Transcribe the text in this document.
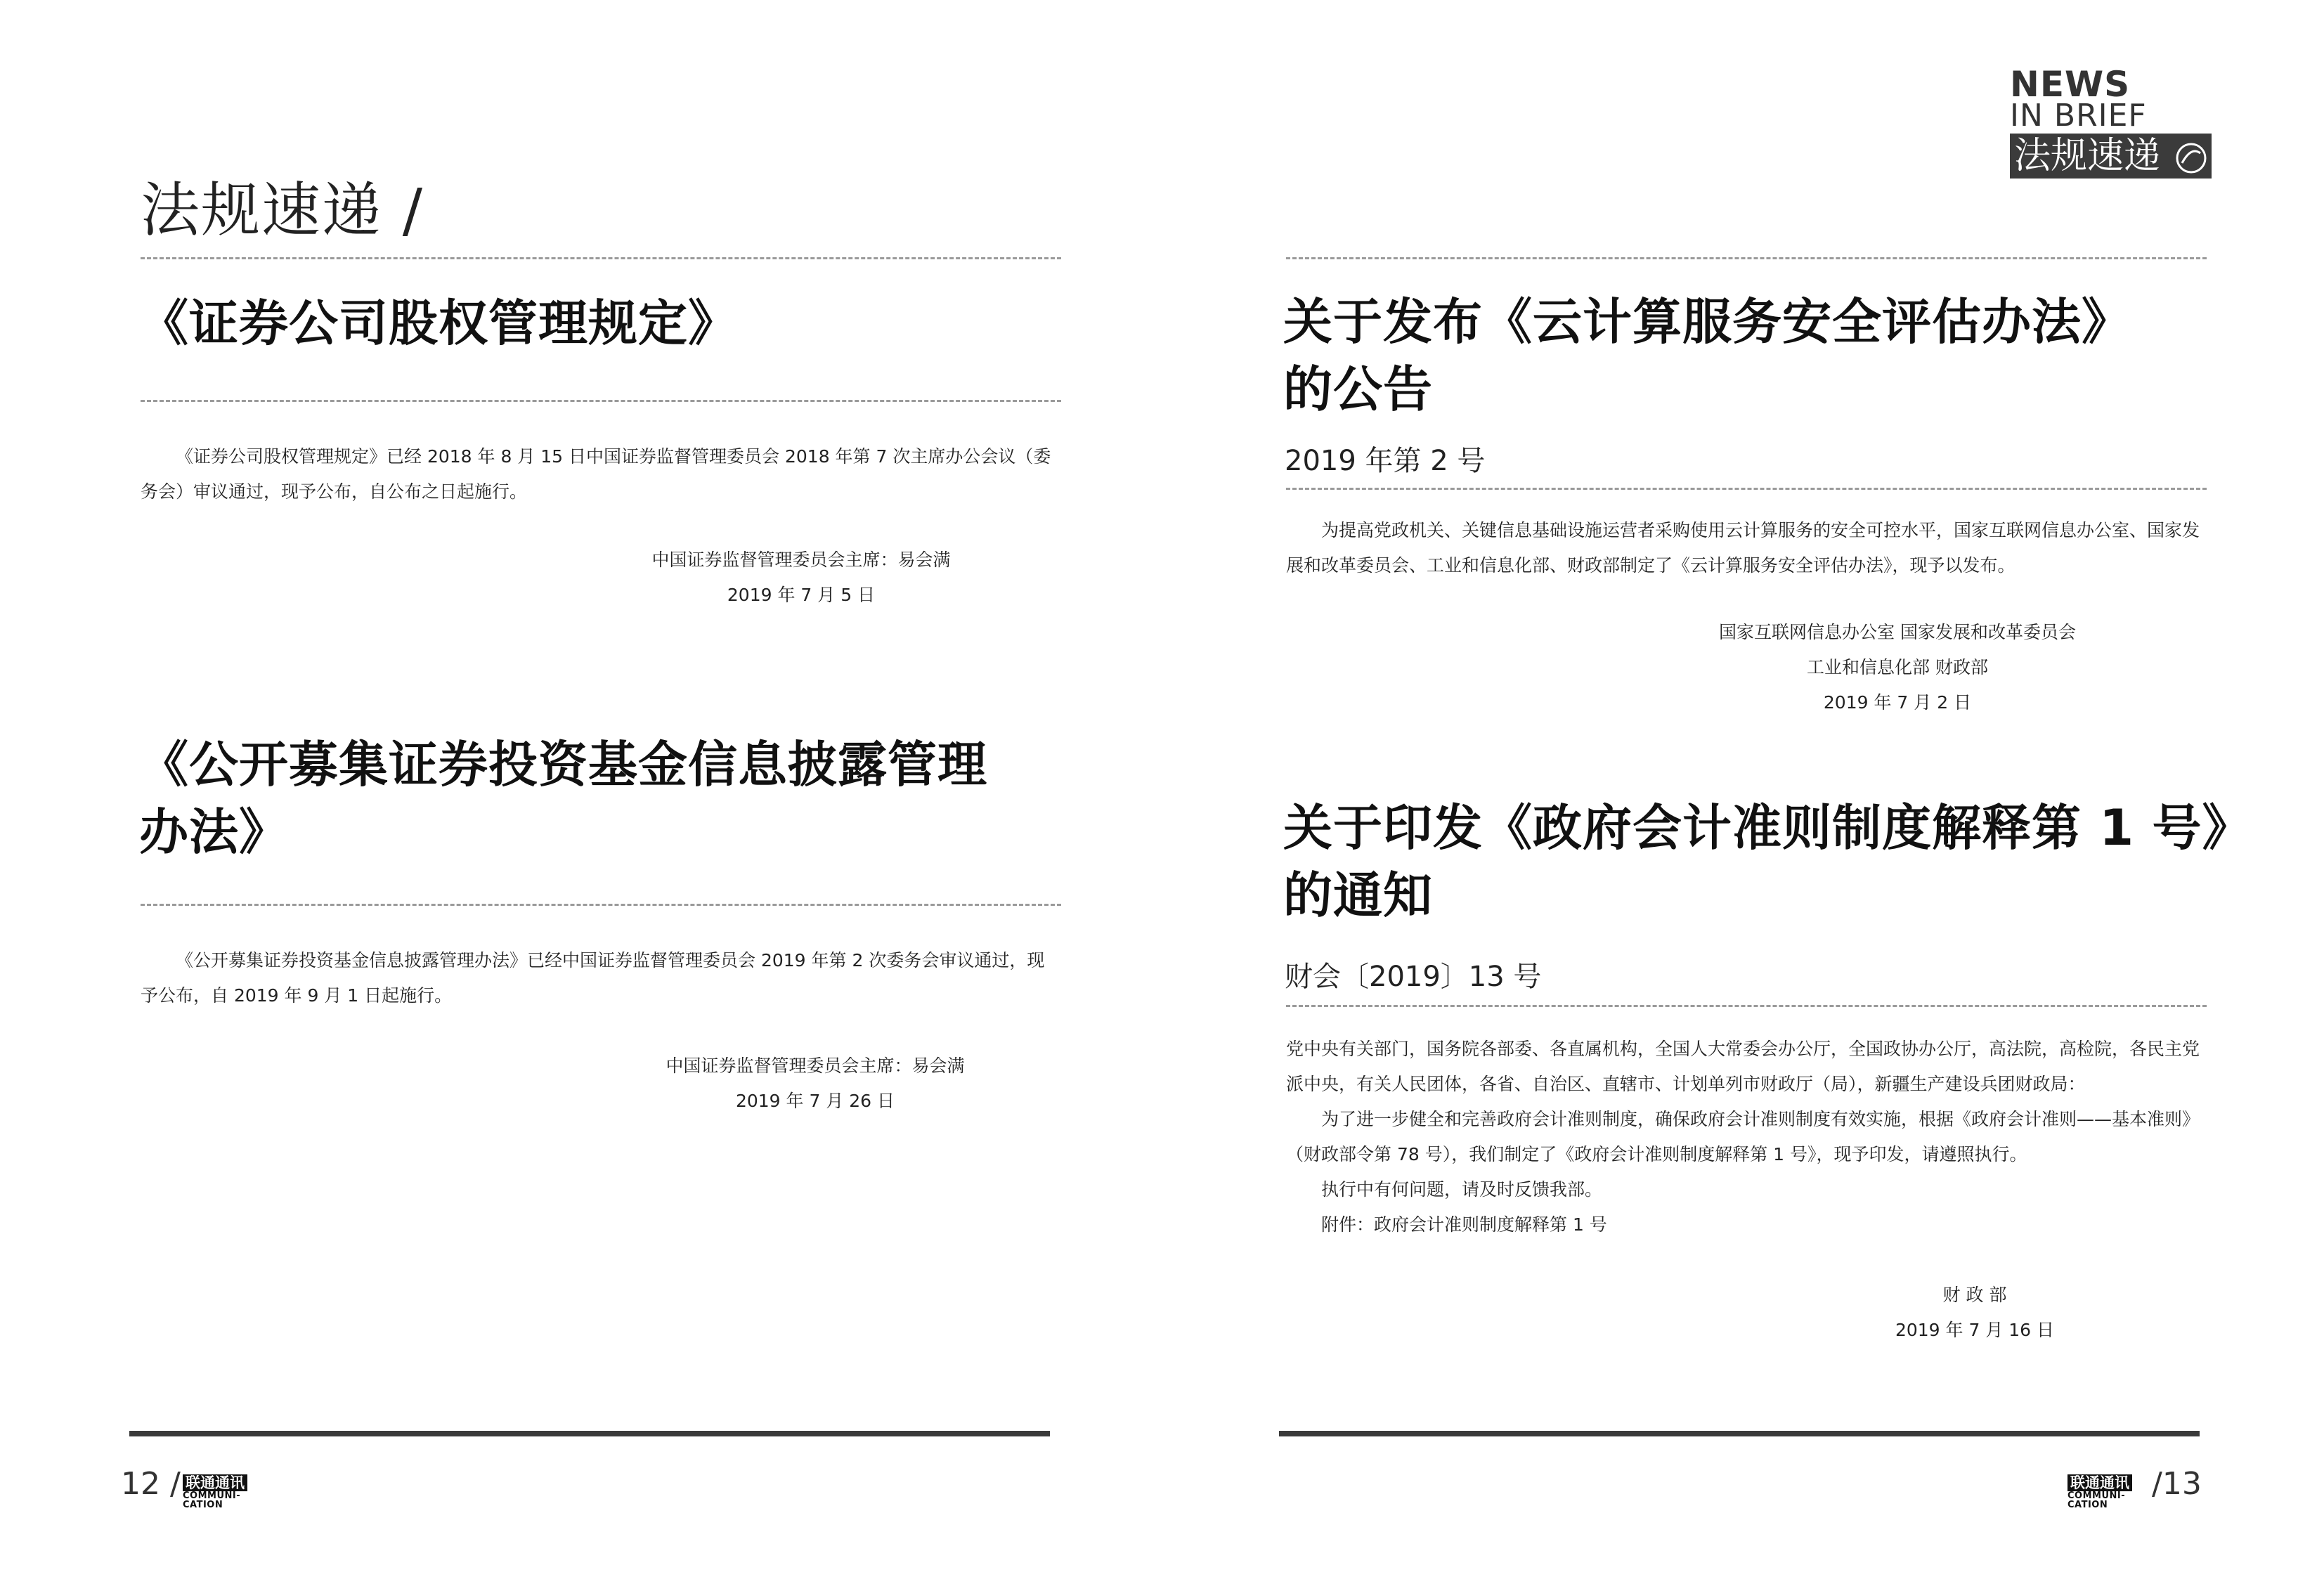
法规速递 /
《证券公司股权管理规定》

《证券公司股权管理规定》已经 2018 年 8 月 15 日中国证券监督管理委员会 2018 年第 7 次主席办公会议（委务会）审议通过，现予公布，自公布之日起施行。

中国证券监督管理委员会主席：易会满
2019 年 7 月 5 日
《公开募集证券投资基金信息披露管理
办法》

《公开募集证券投资基金信息披露管理办法》已经中国证券监督管理委员会 2019 年第 2 次委务会审议通过，现予公布，自 2019 年 9 月 1 日起施行。

中国证券监督管理委员会主席：易会满
2019 年 7 月 26 日
12 / 联通通讯
COMMUNI-
CATION
NEWS
IN BRIEF
法规速递
关于发布《云计算服务安全评估办法》
的公告
2019 年第 2 号

为提高党政机关、关键信息基础设施运营者采购使用云计算服务的安全可控水平，国家互联网信息办公室、国家发展和改革委员会、工业和信息化部、财政部制定了《云计算服务安全评估办法》，现予以发布。

国家互联网信息办公室 国家发展和改革委员会
工业和信息化部 财政部
2019 年 7 月 2 日
关于印发《政府会计准则制度解释第 1 号》
的通知
财会〔2019〕13 号

党中央有关部门，国务院各部委、各直属机构，全国人大常委会办公厅，全国政协办公厅，高法院，高检院，各民主党派中央，有关人民团体，各省、自治区、直辖市、计划单列市财政厅（局），新疆生产建设兵团财政局：

为了进一步健全和完善政府会计准则制度，确保政府会计准则制度有效实施，根据《政府会计准则——基本准则》（财政部令第 78 号），我们制定了《政府会计准则制度解释第 1 号》，现予印发，请遵照执行。

执行中有何问题，请及时反馈我部。

附件：政府会计准则制度解释第 1 号

财 政 部
2019 年 7 月 16 日
联通通讯
COMMUNI-
CATION
/13
